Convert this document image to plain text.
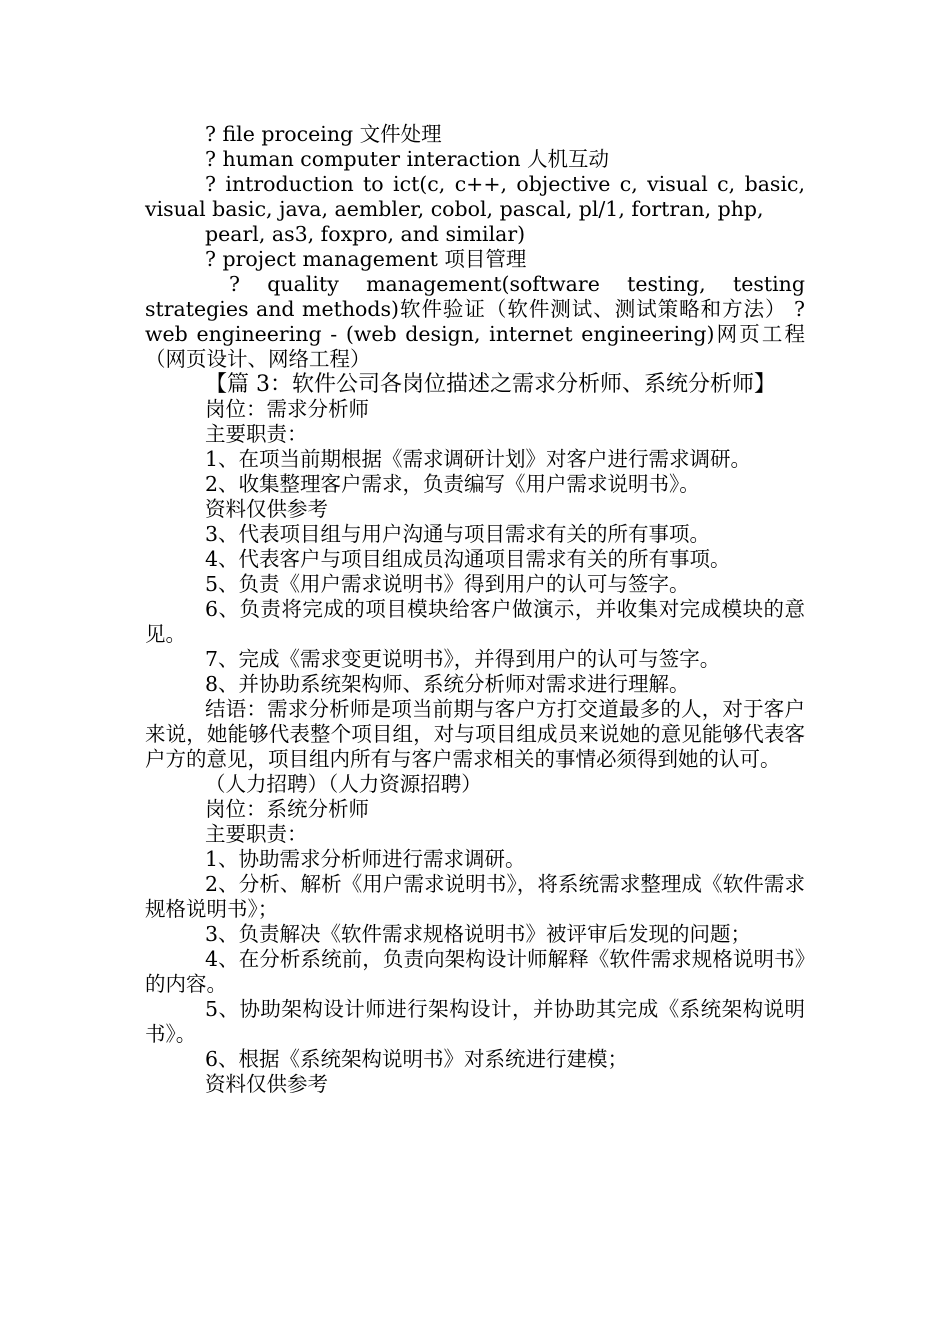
? file proceing 文件处理

? human computer interaction 人机互动

? introduction to ict(c, c++, objective c, visual c, basic, visual basic, java, aembler, cobol, pascal, pl/1, fortran, php,

pearl, as3, foxpro, and similar)

? project management 项目管理

? quality management(software testing, testing strategies and methods)软件验证（软件测试、测试策略和方法） ? web engineering - (web design, internet engineering)网页工程（网页设计、网络工程）

【篇 3：软件公司各岗位描述之需求分析师、系统分析师】

岗位：需求分析师

主要职责：

1、在项当前期根据《需求调研计划》对客户进行需求调研。

2、收集整理客户需求，负责编写《用户需求说明书》。

资料仅供参考

3、代表项目组与用户沟通与项目需求有关的所有事项。

4、代表客户与项目组成员沟通项目需求有关的所有事项。

5、负责《用户需求说明书》得到用户的认可与签字。

6、负责将完成的项目模块给客户做演示，并收集对完成模块的意见。

7、完成《需求变更说明书》，并得到用户的认可与签字。

8、并协助系统架构师、系统分析师对需求进行理解。

结语：需求分析师是项当前期与客户方打交道最多的人，对于客户来说，她能够代表整个项目组，对与项目组成员来说她的意见能够代表客户方的意见，项目组内所有与客户需求相关的事情必须得到她的认可。

（人力招聘）（人力资源招聘）

岗位：系统分析师

主要职责：

1、协助需求分析师进行需求调研。

2、分析、解析《用户需求说明书》，将系统需求整理成《软件需求规格说明书》；

3、负责解决《软件需求规格说明书》被评审后发现的问题；

4、在分析系统前，负责向架构设计师解释《软件需求规格说明书》的内容。

5、协助架构设计师进行架构设计，并协助其完成《系统架构说明书》。

6、根据《系统架构说明书》对系统进行建模；

资料仅供参考
